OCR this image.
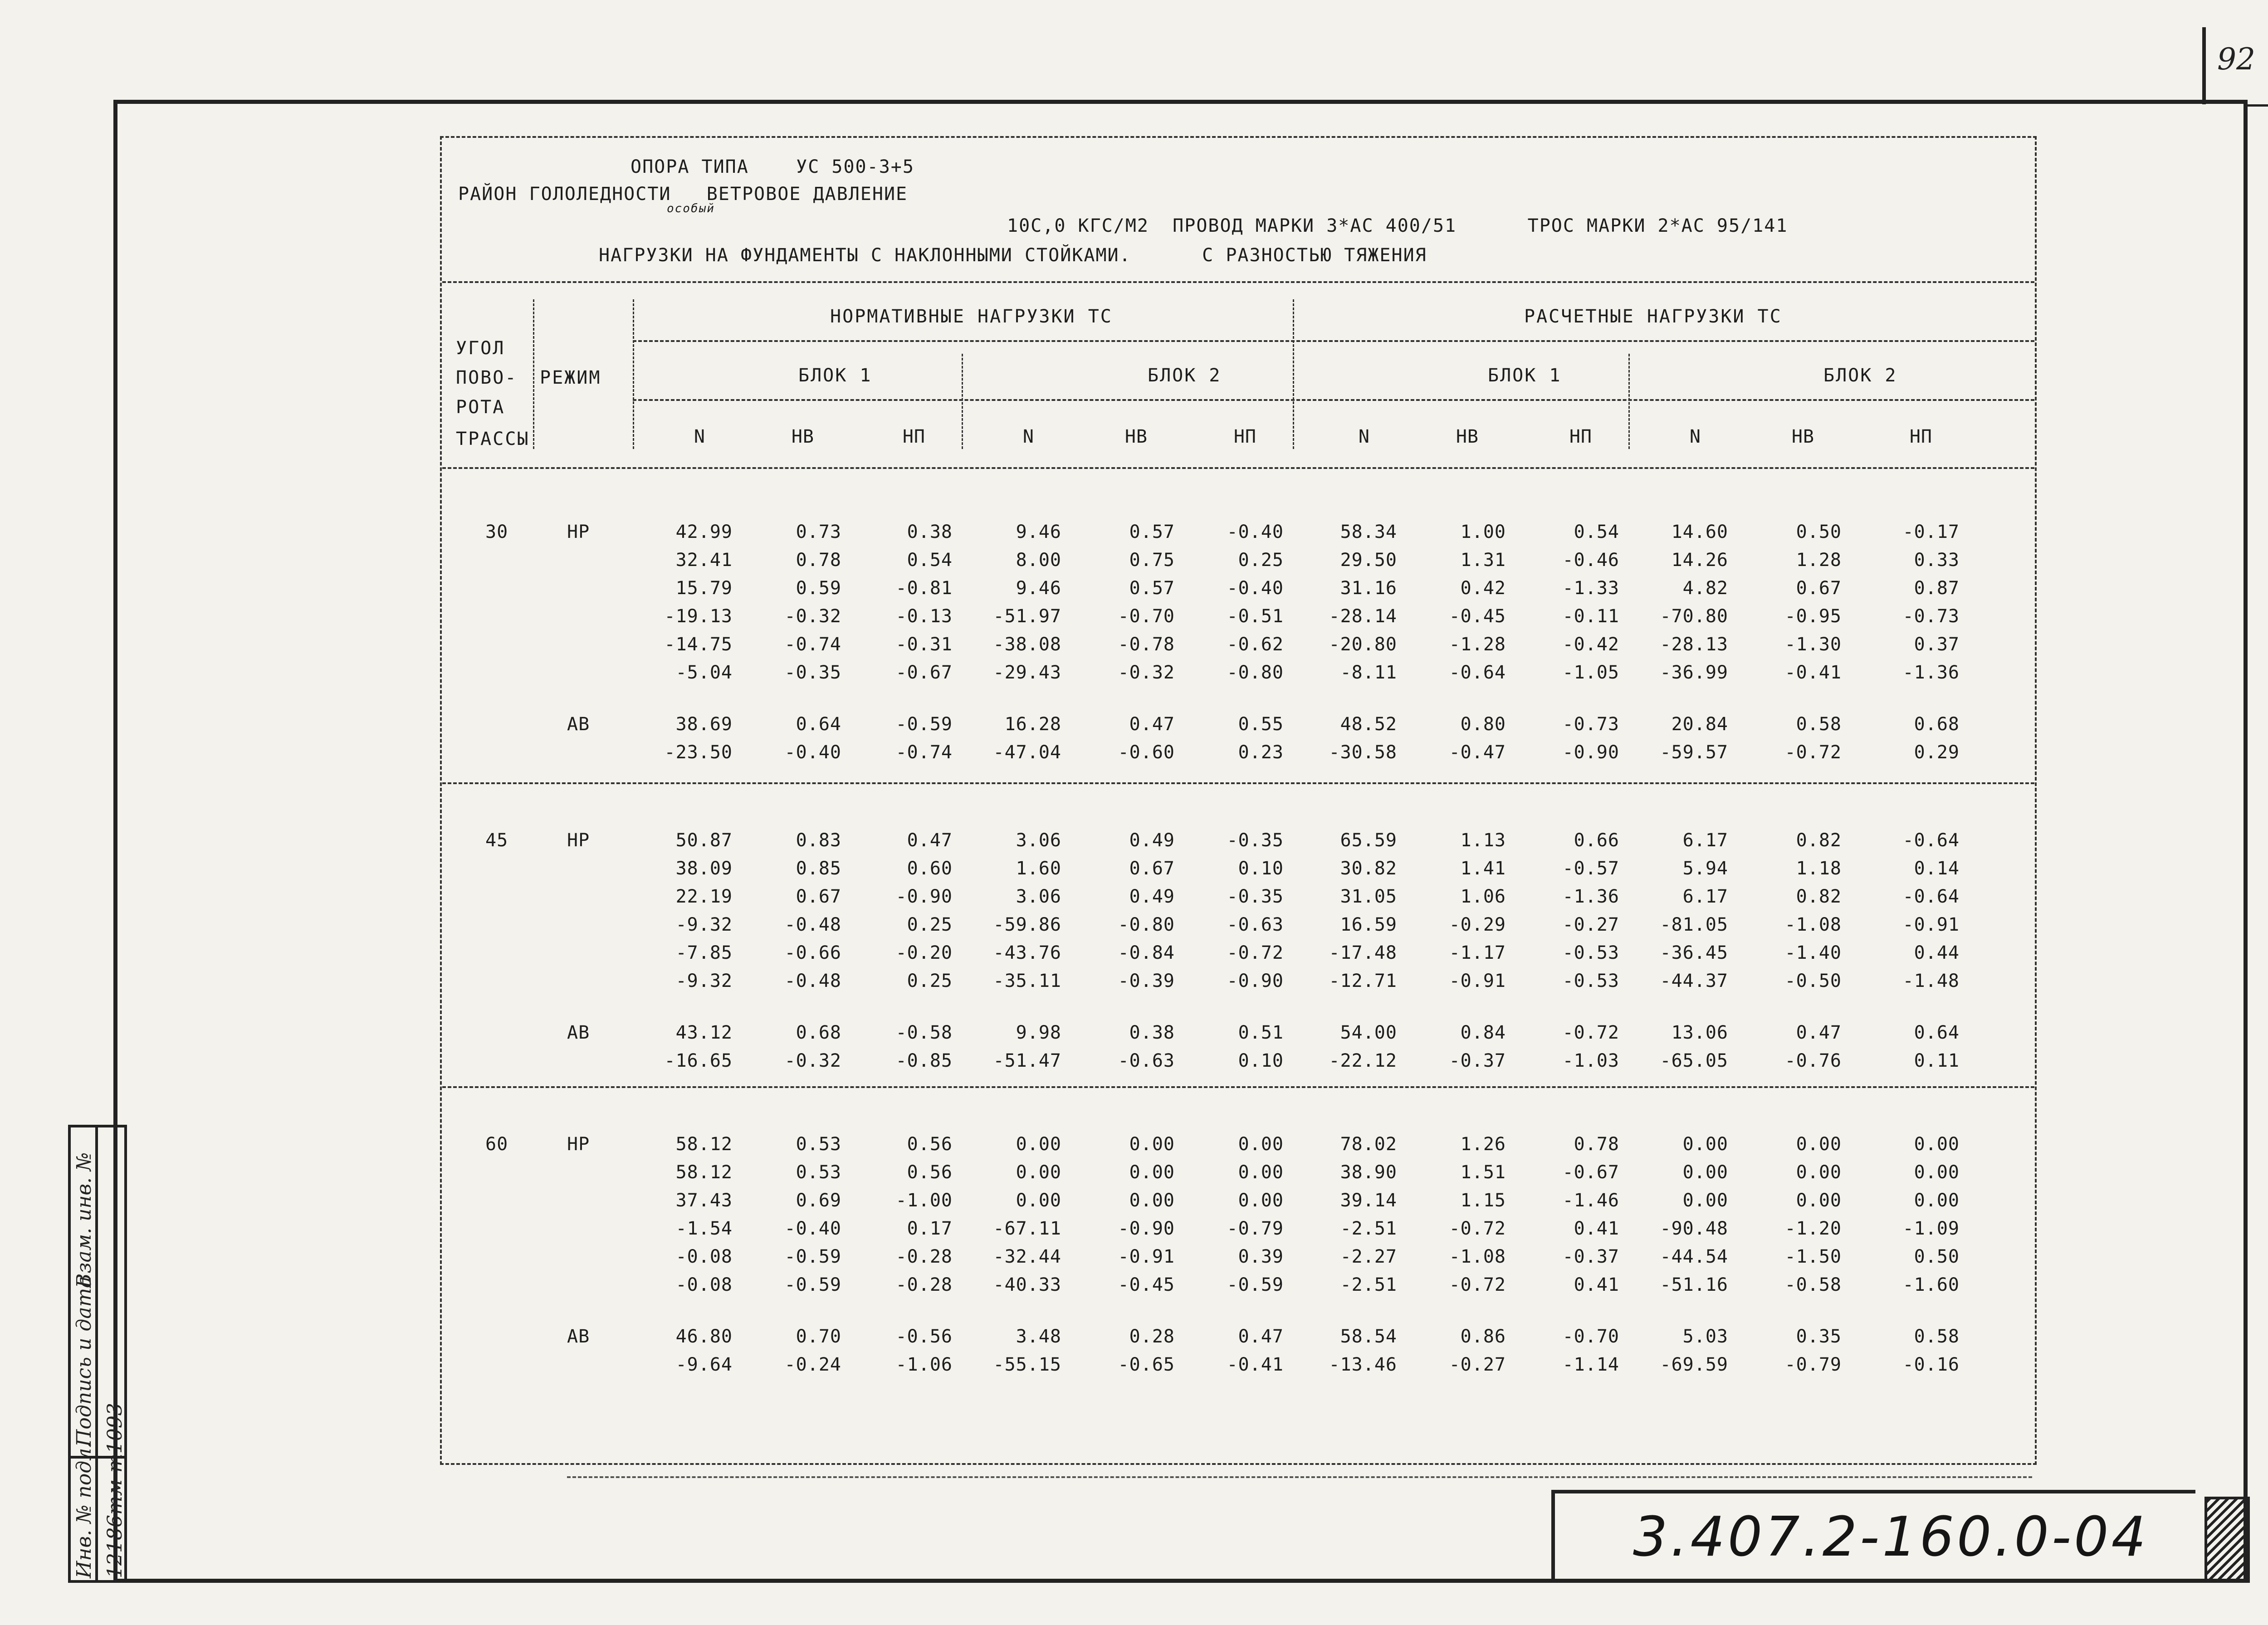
92
ОПОРА ТИПА    УС 500-3+5
РАЙОН ГОЛОЛЕДНОСТИ   ВЕТРОВОЕ ДАВЛЕНИЕ
особый
10С,0 КГС/М2  ПРОВОД МАРКИ 3*АС 400/51      ТРОС МАРКИ 2*АС 95/141
НАГРУЗКИ НА ФУНДАМЕНТЫ С НАКЛОННЫМИ СТОЙКАМИ.      С РАЗНОСТЬЮ ТЯЖЕНИЯ
УГОЛ
ПОВО-
РОТА
ТРАССЫ
РЕЖИМ
НОРМАТИВНЫЕ НАГРУЗКИ ТС	РАСЧЕТНЫЕ НАГРУЗКИ ТС
БЛОК 1	БЛОК 2	БЛОК 1	БЛОК 2
N	НВ	НП	N	НВ	НП	N	НВ	НП	N	НВ	НП
30	НР	42.99	0.73	0.38	9.46	0.57	-0.40	58.34	1.00	0.54	14.60	0.50	-0.17
32.41	0.78	0.54	8.00	0.75	0.25	29.50	1.31	-0.46	14.26	1.28	0.33
15.79	0.59	-0.81	9.46	0.57	-0.40	31.16	0.42	-1.33	4.82	0.67	0.87
-19.13	-0.32	-0.13	-51.97	-0.70	-0.51	-28.14	-0.45	-0.11	-70.80	-0.95	-0.73
-14.75	-0.74	-0.31	-38.08	-0.78	-0.62	-20.80	-1.28	-0.42	-28.13	-1.30	0.37
-5.04	-0.35	-0.67	-29.43	-0.32	-0.80	-8.11	-0.64	-1.05	-36.99	-0.41	-1.36
АВ	38.69	0.64	-0.59	16.28	0.47	0.55	48.52	0.80	-0.73	20.84	0.58	0.68
-23.50	-0.40	-0.74	-47.04	-0.60	0.23	-30.58	-0.47	-0.90	-59.57	-0.72	0.29
45	НР	50.87	0.83	0.47	3.06	0.49	-0.35	65.59	1.13	0.66	6.17	0.82	-0.64
38.09	0.85	0.60	1.60	0.67	0.10	30.82	1.41	-0.57	5.94	1.18	0.14
22.19	0.67	-0.90	3.06	0.49	-0.35	31.05	1.06	-1.36	6.17	0.82	-0.64
-9.32	-0.48	0.25	-59.86	-0.80	-0.63	16.59	-0.29	-0.27	-81.05	-1.08	-0.91
-7.85	-0.66	-0.20	-43.76	-0.84	-0.72	-17.48	-1.17	-0.53	-36.45	-1.40	0.44
-9.32	-0.48	0.25	-35.11	-0.39	-0.90	-12.71	-0.91	-0.53	-44.37	-0.50	-1.48
АВ	43.12	0.68	-0.58	9.98	0.38	0.51	54.00	0.84	-0.72	13.06	0.47	0.64
-16.65	-0.32	-0.85	-51.47	-0.63	0.10	-22.12	-0.37	-1.03	-65.05	-0.76	0.11
60	НР	58.12	0.53	0.56	0.00	0.00	0.00	78.02	1.26	0.78	0.00	0.00	0.00
58.12	0.53	0.56	0.00	0.00	0.00	38.90	1.51	-0.67	0.00	0.00	0.00
37.43	0.69	-1.00	0.00	0.00	0.00	39.14	1.15	-1.46	0.00	0.00	0.00
-1.54	-0.40	0.17	-67.11	-0.90	-0.79	-2.51	-0.72	0.41	-90.48	-1.20	-1.09
-0.08	-0.59	-0.28	-32.44	-0.91	0.39	-2.27	-1.08	-0.37	-44.54	-1.50	0.50
-0.08	-0.59	-0.28	-40.33	-0.45	-0.59	-2.51	-0.72	0.41	-51.16	-0.58	-1.60
АВ	46.80	0.70	-0.56	3.48	0.28	0.47	58.54	0.86	-0.70	5.03	0.35	0.58
-9.64	-0.24	-1.06	-55.15	-0.65	-0.41	-13.46	-0.27	-1.14	-69.59	-0.79	-0.16
3.407.2-160.0-04
Инв. № подл. 12186тм-т1093
Подпись и дата
Взам. инв. №
